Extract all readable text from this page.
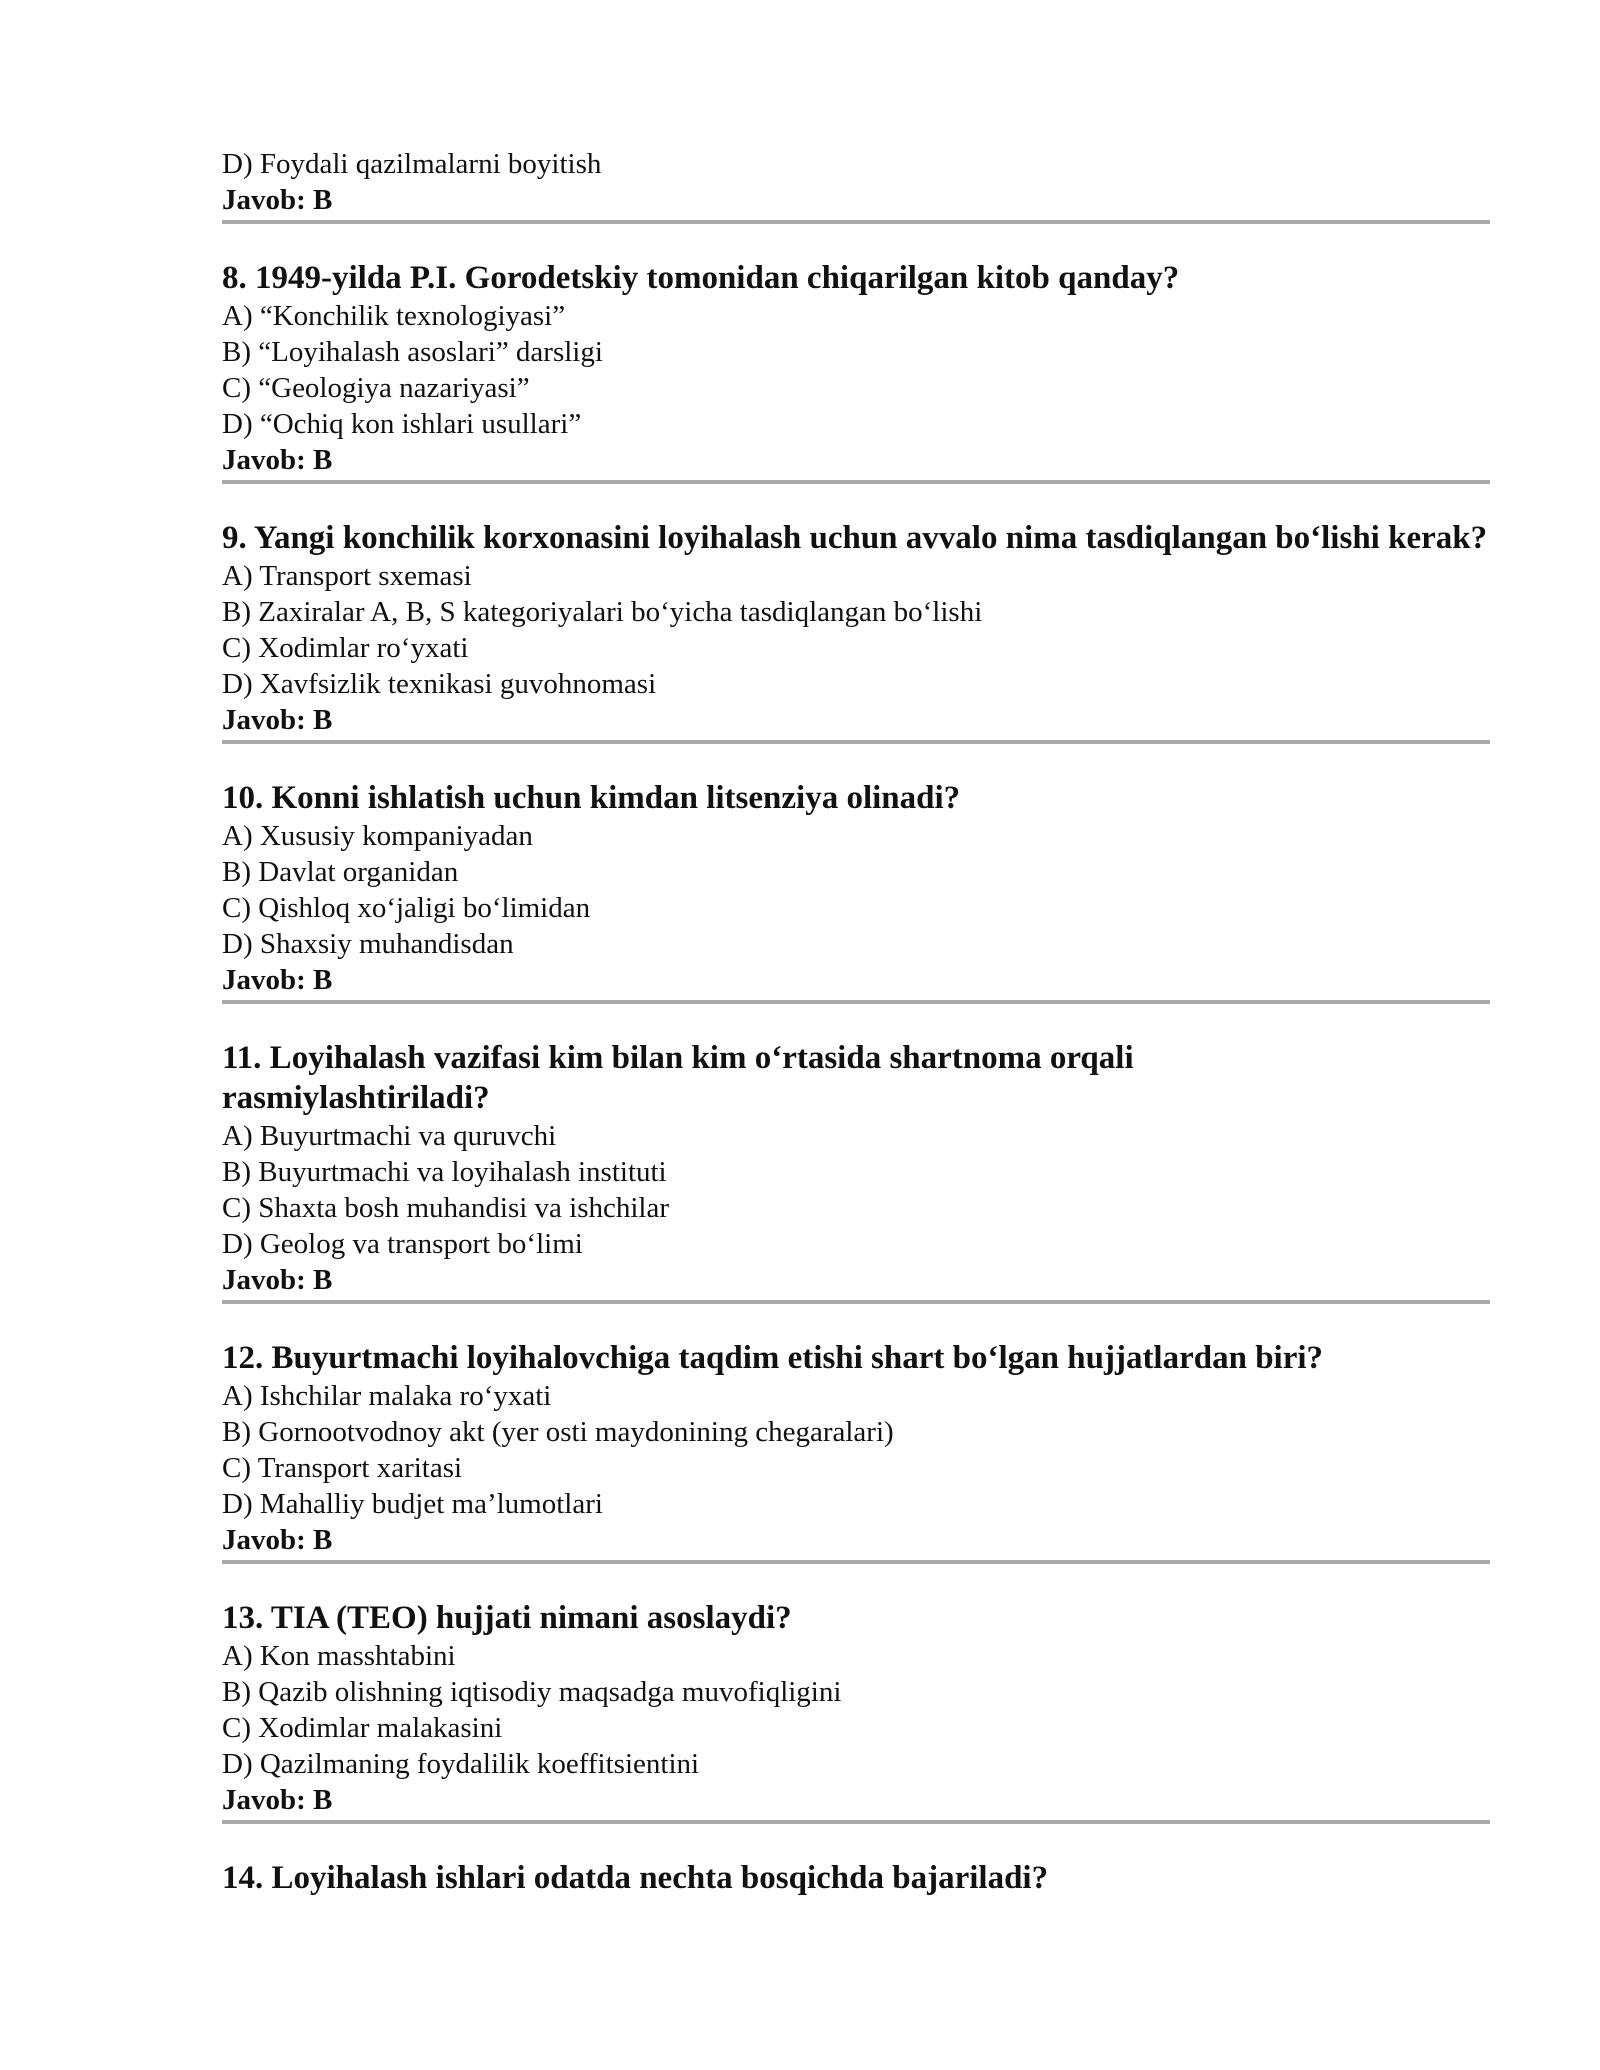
D) Foydali qazilmalarni boyitish

Javob: B

8. 1949-yilda P.I. Gorodetskiy tomonidan chiqarilgan kitob qanday?

A) “Konchilik texnologiyasi”

B) “Loyihalash asoslari” darsligi

C) “Geologiya nazariyasi”

D) “Ochiq kon ishlari usullari”

Javob: B

9. Yangi konchilik korxonasini loyihalash uchun avvalo nima tasdiqlangan bo‘lishi kerak?

A) Transport sxemasi

B) Zaxiralar A, B, S kategoriyalari bo‘yicha tasdiqlangan bo‘lishi

C) Xodimlar ro‘yxati

D) Xavfsizlik texnikasi guvohnomasi

Javob: B

10. Konni ishlatish uchun kimdan litsenziya olinadi?

A) Xususiy kompaniyadan

B) Davlat organidan

C) Qishloq xo‘jaligi bo‘limidan

D) Shaxsiy muhandisdan

Javob: B

11. Loyihalash vazifasi kim bilan kim o‘rtasida shartnoma orqali rasmiylashtiriladi?

A) Buyurtmachi va quruvchi

B) Buyurtmachi va loyihalash instituti

C) Shaxta bosh muhandisi va ishchilar

D) Geolog va transport bo‘limi

Javob: B

12. Buyurtmachi loyihalovchiga taqdim etishi shart bo‘lgan hujjatlardan biri?

A) Ishchilar malaka ro‘yxati

B) Gornootvodnoy akt (yer osti maydonining chegaralari)

C) Transport xaritasi

D) Mahalliy budjet ma’lumotlari

Javob: B

13. TIA (TEO) hujjati nimani asoslaydi?

A) Kon masshtabini

B) Qazib olishning iqtisodiy maqsadga muvofiqligini

C) Xodimlar malakasini

D) Qazilmaning foydalilik koeffitsientini

Javob: B

14. Loyihalash ishlari odatda nechta bosqichda bajariladi?
